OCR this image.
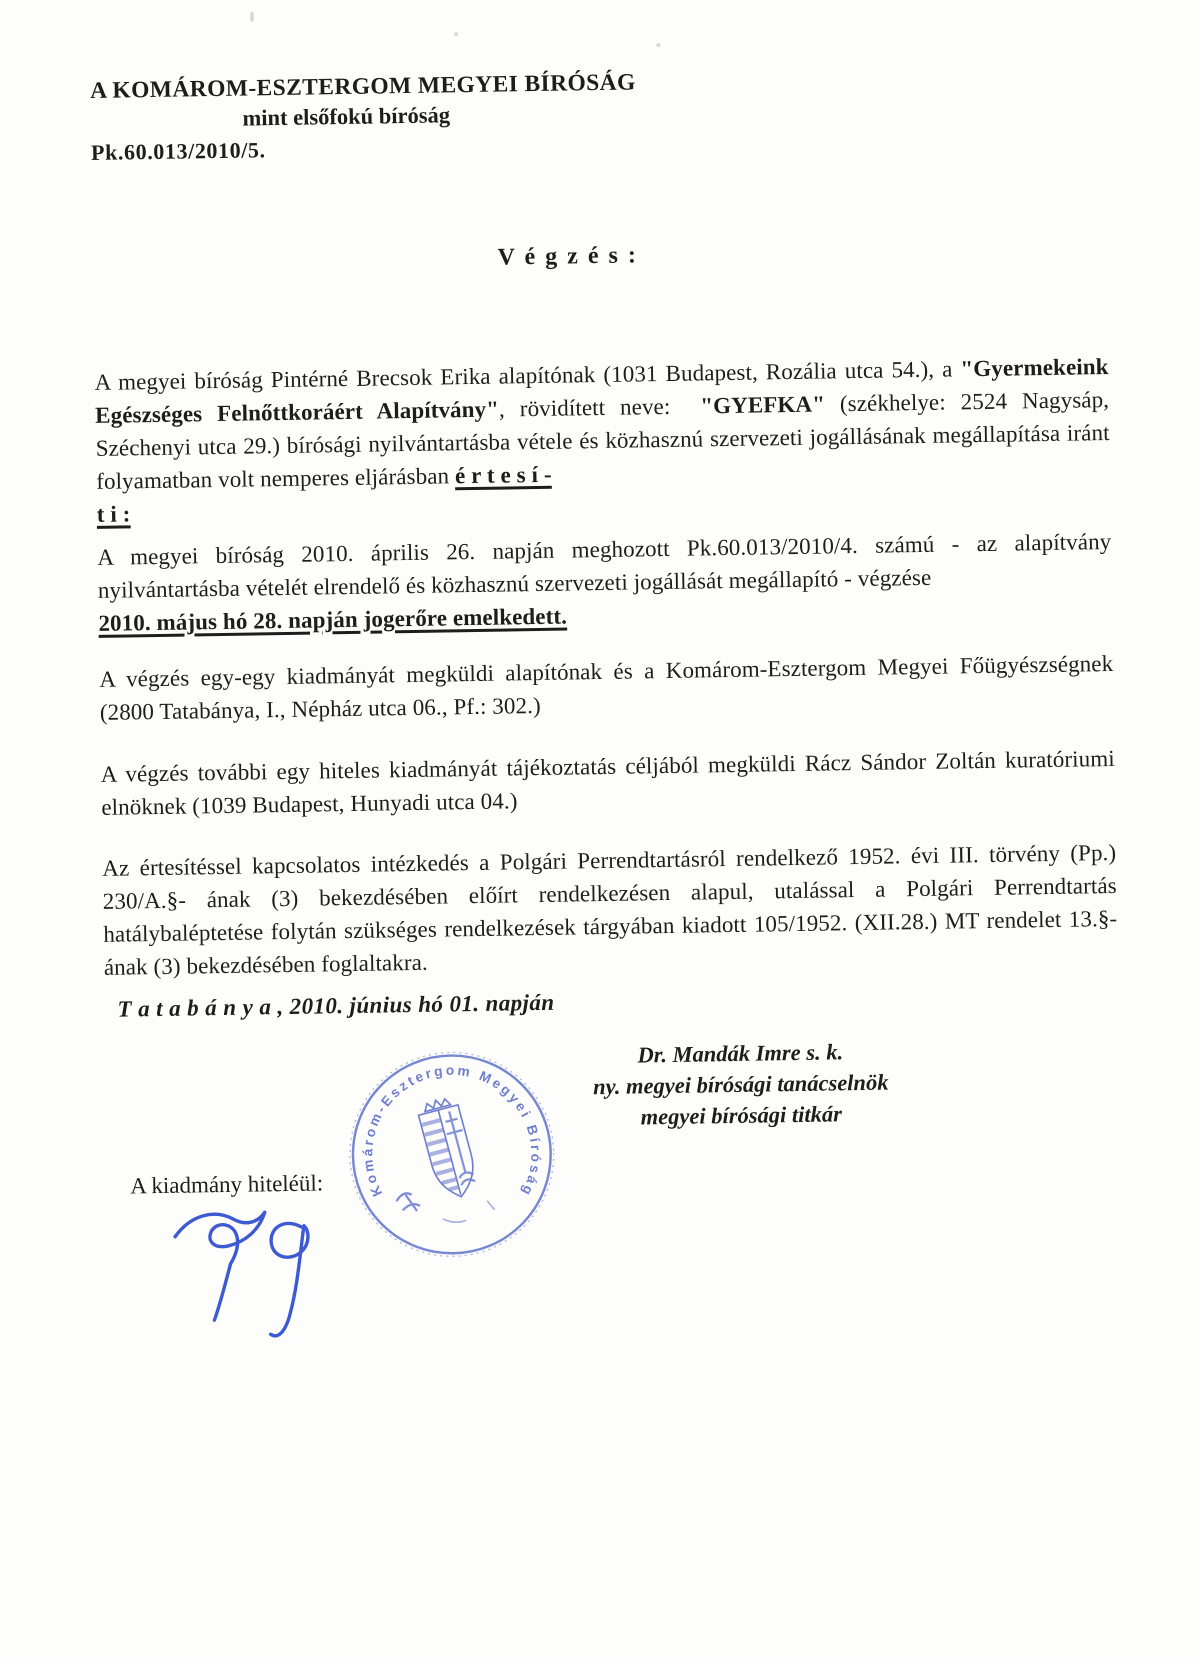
A KOMÁROM-ESZTERGOM MEGYEI BÍRÓSÁG
mint elsőfokú bíróság
Pk.60.013/2010/5.
V é g z é s :

A megyei bíróság Pintérné Brecsok Erika alapítónak (1031 Budapest, Rozália utca 54.), a "Gyermekeink Egészséges Felnőttkoráért Alapítvány", rövidített neve:  "GYEFKA" (székhelye: 2524 Nagysáp, Széchenyi utca 29.) bírósági nyilvántartásba vétele és közhasznú szervezeti jogállásának megállapítása iránt folyamatban volt nemperes eljárásban é r t e s í -
t i :

A megyei bíróság 2010. április 26. napján meghozott Pk.60.013/2010/4. számú - az alapítvány nyilvántartásba vételét elrendelő és közhasznú szervezeti jogállását megállapító - végzése
2010. május hó 28. napján jogerőre emelkedett.

A végzés egy-egy kiadmányát megküldi alapítónak és a Komárom-Esztergom Megyei Főügyészségnek (2800 Tatabánya, I., Népház utca 06., Pf.: 302.)

A végzés további egy hiteles kiadmányát tájékoztatás céljából megküldi Rácz Sándor Zoltán kuratóriumi elnöknek (1039 Budapest, Hunyadi utca 04.)

Az értesítéssel kapcsolatos intézkedés a Polgári Perrendtartásról rendelkező 1952. évi III. törvény (Pp.) 230/A.§- ának (3) bekezdésében előírt rendelkezésen alapul, utalással a Polgári Perrendtartás hatálybaléptetése folytán szükséges rendelkezések tárgyában kiadott 105/1952. (XII.28.) MT rendelet 13.§- ának (3) bekezdésében foglaltakra.

T a t a b á n y a , 2010. június hó 01. napján
Dr. Mandák Imre s. k.
ny. megyei bírósági tanácselnök
megyei bírósági titkár
A kiadmány hiteléül:	Komárom-Esztergom Megyei Bíróság
